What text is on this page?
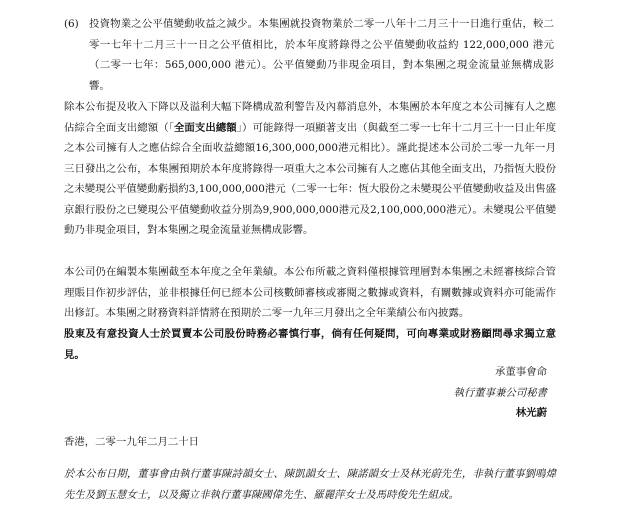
(6) 投資物業之公平值變動收益之減少。本集團就投資物業於二零一八年十二月三十一日進行重估，較二零一七年十二月三十一日之公平值相比，於本年度將錄得之公平值變動收益約 122,000,000 港元（二零一七年：565,000,000 港元）。公平值變動乃非現金項目，對本集團之現金流量並無構成影響。

除本公布提及收入下降以及溢利大幅下降構成盈利警告及內幕消息外，本集團於本年度之本公司擁有人之應佔綜合全面支出總額（「全面支出總額」）可能錄得一項顯著支出（與截至二零一七年十二月三十一日止年度之本公司擁有人之應佔綜合全面收益總額16,300,000,000港元相比）。謹此提述本公司於二零一九年一月三日發出之公布，本集團預期於本年度將錄得一項重大之本公司擁有人之應佔其他全面支出，乃指恆大股份之未變現公平值變動虧損約3,100,000,000港元（二零一七年：恆大股份之未變現公平值變動收益及出售盛京銀行股份之已變現公平值變動收益分別為9,900,000,000港元及2,100,000,000港元）。未變現公平值變動乃非現金項目，對本集團之現金流量並無構成影響。

本公司仍在編製本集團截至本年度之全年業績。本公布所載之資料僅根據管理層對本集團之未經審核綜合管理賬目作初步評估，並非根據任何已經本公司核數師審核或審閱之數據或資料，有關數據或資料亦可能需作出修訂。本集團之財務資料詳情將在預期於二零一九年三月發出之全年業績公布內披露。

股東及有意投資人士於買賣本公司股份時務必審慎行事，倘有任何疑問，可向專業或財務顧問尋求獨立意見。

承董事會命
執行董事兼公司秘書
林光蔚
香港，二零一九年二月二十日

於本公布日期，董事會由執行董事陳詩韻女士、陳凱韻女士、陳諾韻女士及林光蔚先生，非執行董事劉鳴煒先生及劉玉慧女士，以及獨立非執行董事陳國偉先生、羅麗萍女士及馬時俊先生組成。
